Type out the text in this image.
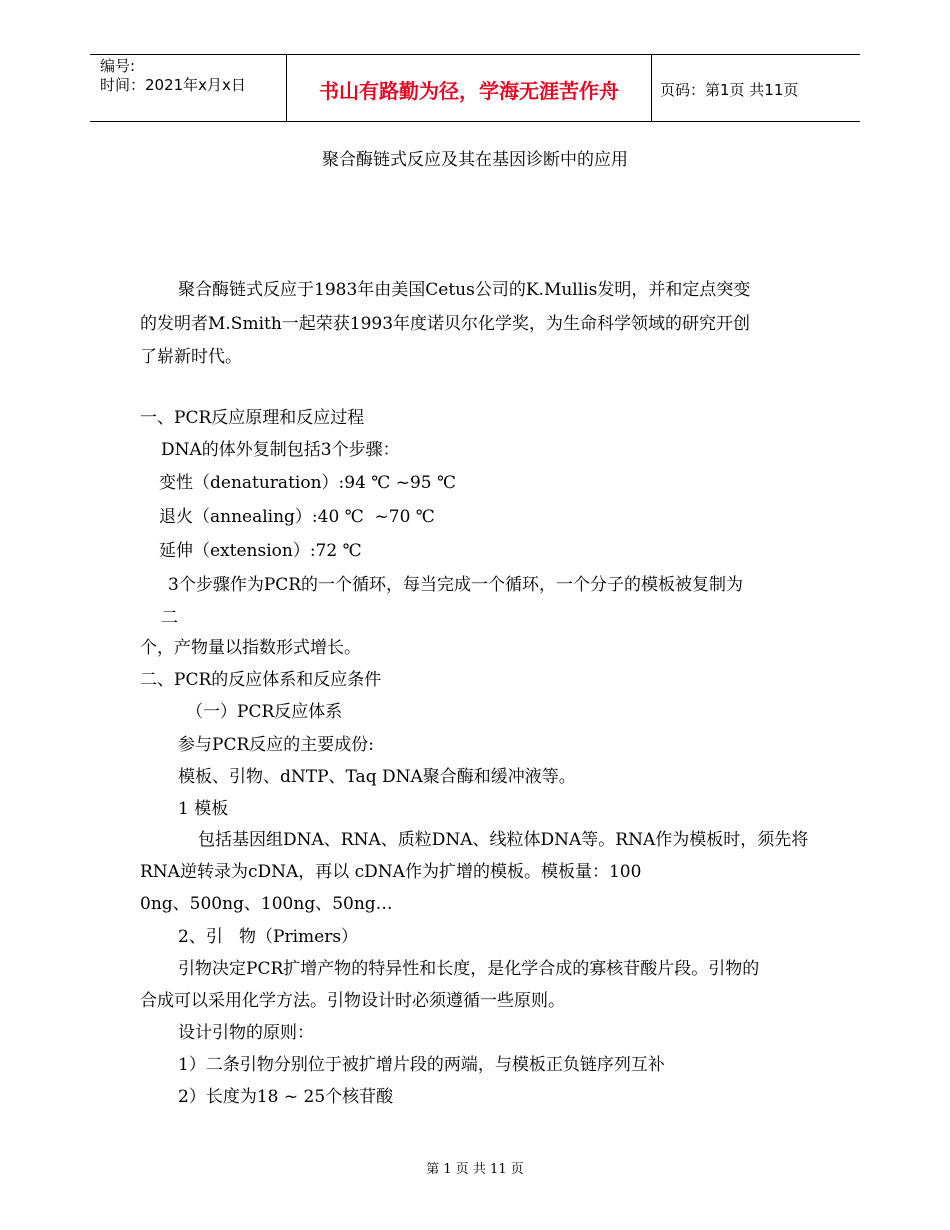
编号:
时间：2021年x月x日	书山有路勤为径，学海无涯苦作舟	页码：第1页 共11页
聚合酶链式反应及其在基因诊断中的应用
聚合酶链式反应于1983年由美国Cetus公司的K.Mullis发明，并和定点突变
的发明者M.Smith一起荣获1993年度诺贝尔化学奖，为生命科学领域的研究开创
了崭新时代。
一、PCR反应原理和反应过程
DNA的体外复制包括3个步骤：
变性（denaturation）:94 ℃ ~95 ℃
退火（annealing）:40 ℃  ~70 ℃
延伸（extension）:72 ℃
3个步骤作为PCR的一个循环，每当完成一个循环，一个分子的模板被复制为
二
个，产物量以指数形式增长。
二、PCR的反应体系和反应条件
（一）PCR反应体系
参与PCR反应的主要成份:
模板、引物、dNTP、Taq DNA聚合酶和缓冲液等。
1 模板
包括基因组DNA、RNA、质粒DNA、线粒体DNA等。RNA作为模板时，须先将
RNA逆转录为cDNA，再以 cDNA作为扩增的模板。模板量：100
0ng、500ng、100ng、50ng…
2、引   物（Primers）
引物决定PCR扩增产物的特异性和长度，是化学合成的寡核苷酸片段。引物的
合成可以采用化学方法。引物设计时必须遵循一些原则。
设计引物的原则：
1）二条引物分别位于被扩增片段的两端，与模板正负链序列互补
2）长度为18 ~ 25个核苷酸
第 1 页 共 11 页
